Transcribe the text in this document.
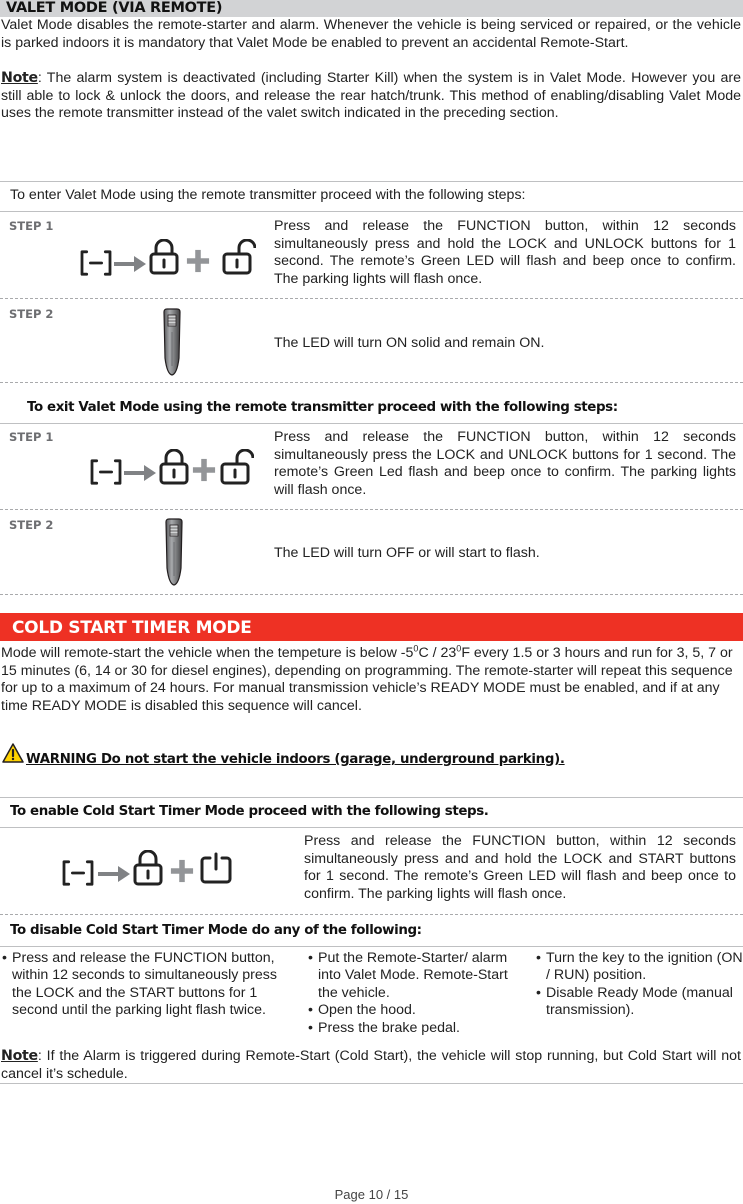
VALET MODE (VIA REMOTE)
Valet Mode disables the remote-starter and alarm. Whenever the vehicle is being serviced or repaired, or the vehicle is parked indoors it is mandatory that Valet Mode be enabled to prevent an accidental Remote-Start.
Note: The alarm system is deactivated (including Starter Kill) when the system is in Valet Mode. However you are still able to lock & unlock the doors, and release the rear hatch/trunk. This method of enabling/disabling Valet Mode uses the remote transmitter instead of the valet switch indicated in the preceding section.
To enter Valet Mode using the remote transmitter proceed with the following steps:
STEP 1	Press and release the FUNCTION button, within 12 seconds simultaneously press and hold the LOCK and UNLOCK buttons for 1 second. The remote’s Green LED will flash and beep once to confirm. The parking lights will flash once.
STEP 2
The LED will turn ON solid and remain ON.
To exit Valet Mode using the remote transmitter proceed with the following steps:
STEP 1	Press and release the FUNCTION button, within 12 seconds simultaneously press the LOCK and UNLOCK buttons for 1 second. The remote’s Green Led flash and beep once to confirm. The parking lights will flash once.
STEP 2
The LED will turn OFF or will start to flash.
COLD START TIMER MODE
Mode will remote-start the vehicle when the tempeture is below $-5^0C / 23^0F$ every 1.5 or 3 hours and run for 3, 5, 7 or 15 minutes (6, 14 or 30 for diesel engines), depending on programming. The remote-starter will repeat this sequence for up to a maximum of 24 hours. For manual transmission vehicle’s READY MODE must be enabled, and if at any time READY MODE is disabled this sequence will cancel.
WARNING Do not start the vehicle indoors (garage, underground parking).
To enable Cold Start Timer Mode proceed with the following steps.
Press and release the FUNCTION button, within 12 seconds simultaneously press and and hold the LOCK and START buttons for 1 second. The remote’s Green LED will flash and beep once to confirm. The parking lights will flash once.
To disable Cold Start Timer Mode do any of the following:
• Press and release the FUNCTION button, within 12 seconds to simultaneously press the LOCK and the START buttons for 1 second until the parking light flash twice.
• Put the Remote-Starter/ alarm into Valet Mode. Remote-Start the vehicle.
• Open the hood.
• Press the brake pedal.
• Turn the key to the ignition (ON / RUN) position.
• Disable Ready Mode (manual transmission).
Note: If the Alarm is triggered during Remote-Start (Cold Start), the vehicle will stop running, but Cold Start will not cancel it’s schedule.
Page 10 / 15
